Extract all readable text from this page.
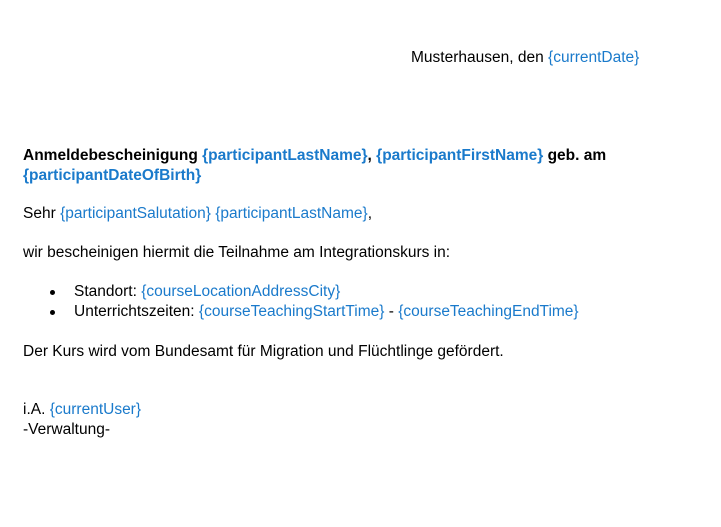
Musterhausen, den {currentDate}
Anmeldebescheinigung {participantLastName}, {participantFirstName} geb. am
{participantDateOfBirth}
Sehr {participantSalutation} {participantLastName},
wir bescheinigen hiermit die Teilnahme am Integrationskurs in:
Standort: {courseLocationAddressCity}
Unterrichtszeiten: {courseTeachingStartTime} - {courseTeachingEndTime}
Der Kurs wird vom Bundesamt für Migration und Flüchtlinge gefördert.
i.A. {currentUser}
-Verwaltung-
